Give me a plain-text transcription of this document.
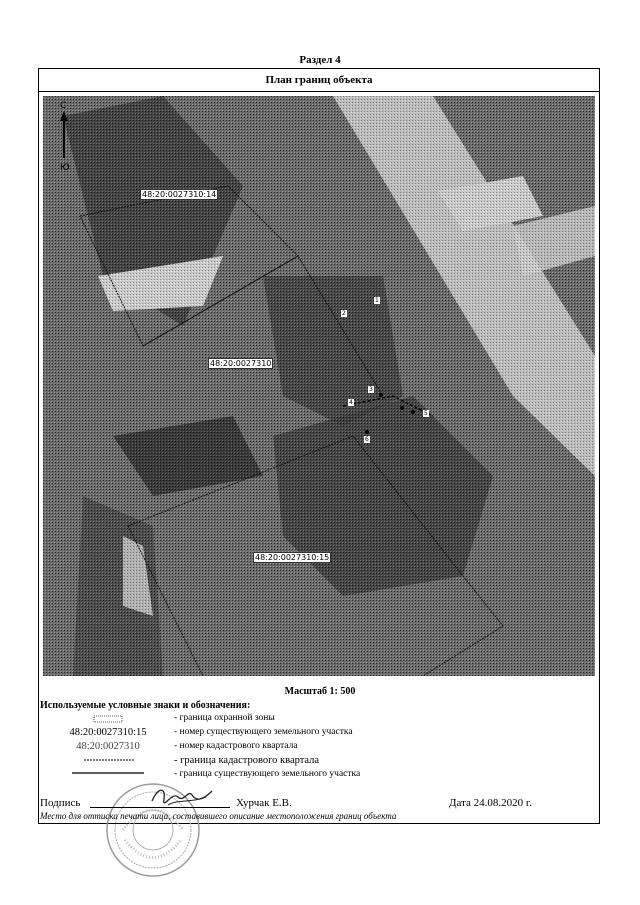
Раздел 4
План границ объекта
48:20:0027310:14
48:20:0027310
48:20:0027310:15
1
2
3
4
5
6
С
Ю
Масштаб 1: 500
Используемые условные знаки и обозначения:
- граница охранной зоны
48:20:0027310:15	- номер существующего земельного участка
48:20:0027310	- номер кадастрового квартала
- граница кадастрового квартала
- граница существующего земельного участка
Подпись	Хурчак Е.В.	Дата 24.08.2020 г.
Место для оттиска печати лица, составившего описание местоположения границ объекта
